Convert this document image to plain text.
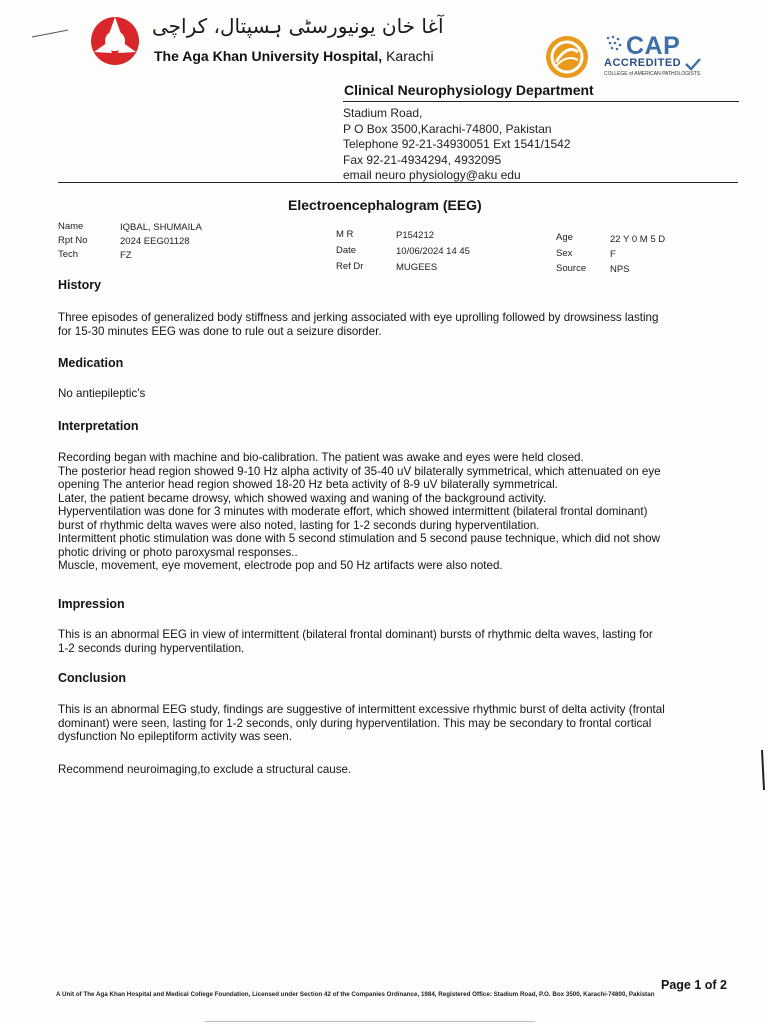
آغا خان یونیورسٹی ہسپتال، کراچی
The Aga Khan University Hospital, Karachi	CAP
ACCREDITED
COLLEGE of AMERICAN PATHOLOGISTS
Clinical Neurophysiology Department
Stadium Road,
P O Box 3500,Karachi-74800, Pakistan
Telephone 92-21-34930051 Ext 1541/1542
Fax 92-21-4934294, 4932095
email neuro physiology@aku edu
Electroencephalogram (EEG)
Name	IQBAL, SHUMAILA
Rpt No	2024 EEG01128
Tech	FZ
M R	P154212
Date	10/06/2024 14 45
Ref Dr	MUGEES
Age	22 Y 0 M 5 D
Sex	F
Source	NPS
History
Three episodes of generalized body stiffness and jerking associated with eye uprolling followed by drowsiness lasting
for 15-30 minutes EEG was done to rule out a seizure disorder.
Medication
No antiepileptic's
Interpretation
Recording began with machine and bio-calibration. The patient was awake and eyes were held closed.
The posterior head region showed 9-10 Hz alpha activity of 35-40 uV bilaterally symmetrical, which attenuated on eye
opening The anterior head region showed 18-20 Hz beta activity of 8-9 uV bilaterally symmetrical.
Later, the patient became drowsy, which showed waxing and waning of the background activity.
Hyperventilation was done for 3 minutes with moderate effort, which showed intermittent (bilateral frontal dominant)
burst of rhythmic delta waves were also noted, lasting for 1-2 seconds during hyperventilation.
Intermittent photic stimulation was done with 5 second stimulation and 5 second pause technique, which did not show
photic driving or photo paroxysmal responses..
Muscle, movement, eye movement, electrode pop and 50 Hz artifacts were also noted.
Impression
This is an abnormal EEG in view of intermittent (bilateral frontal dominant) bursts of rhythmic delta waves, lasting for
1-2 seconds during hyperventilation.
Conclusion
This is an abnormal EEG study, findings are suggestive of intermittent excessive rhythmic burst of delta activity (frontal
dominant) were seen, lasting for 1-2 seconds, only during hyperventilation. This may be secondary to frontal cortical
dysfunction No epileptiform activity was seen.
Recommend neuroimaging,to exclude a structural cause.
Page 1 of 2
A Unit of The Aga Khan Hospital and Medical College Foundation, Licensed under Section 42 of the Companies Ordinance, 1984, Registered Office: Stadium Road, P.O. Box 3500, Karachi-74800, Pakistan
